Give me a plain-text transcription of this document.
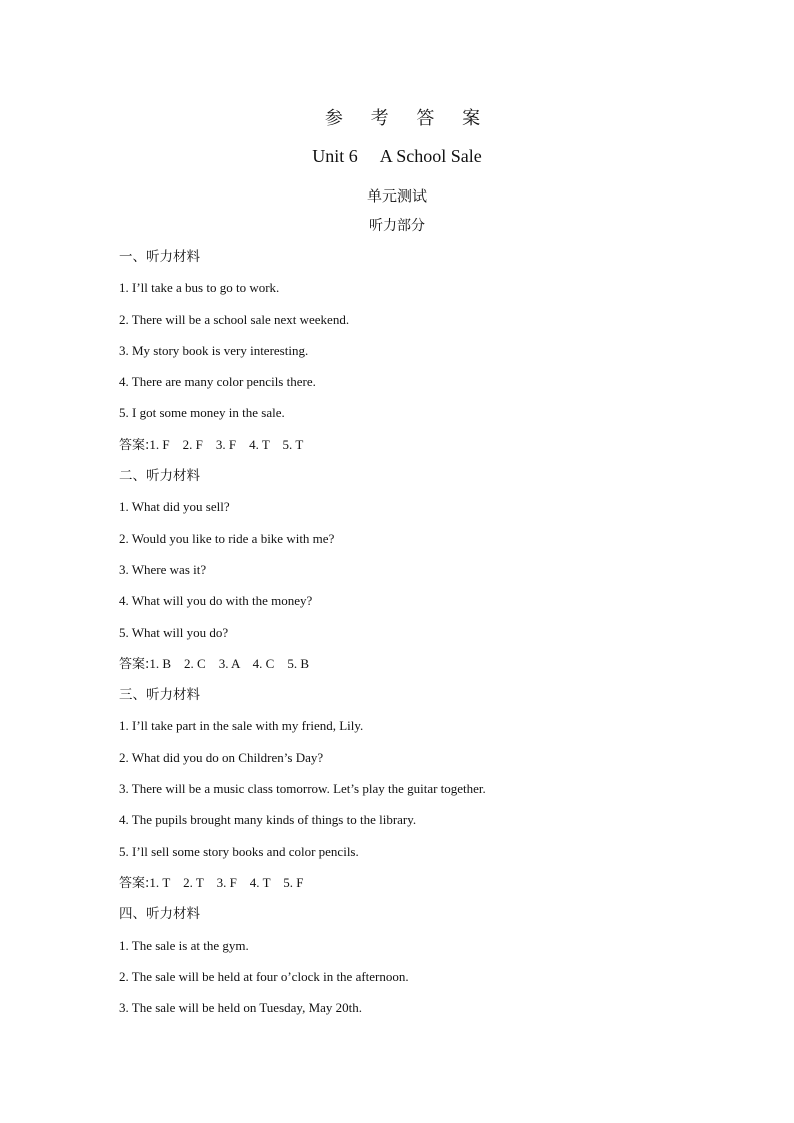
参 考 答 案
Unit 6 A School Sale
单元测试
听力部分
一、听力材料
1. I’ll take a bus to go to work.
2. There will be a school sale next weekend.
3. My story book is very interesting.
4. There are many color pencils there.
5. I got some money in the sale.
答案:1. F    2. F    3. F    4. T    5. T
二、听力材料
1. What did you sell?
2. Would you like to ride a bike with me?
3. Where was it?
4. What will you do with the money?
5. What will you do?
答案:1. B    2. C    3. A    4. C    5. B
三、听力材料
1. I’ll take part in the sale with my friend, Lily.
2. What did you do on Children’s Day?
3. There will be a music class tomorrow. Let’s play the guitar together.
4. The pupils brought many kinds of things to the library.
5. I’ll sell some story books and color pencils.
答案:1. T    2. T    3. F    4. T    5. F
四、听力材料
1. The sale is at the gym.
2. The sale will be held at four o’clock in the afternoon.
3. The sale will be held on Tuesday, May 20th.
